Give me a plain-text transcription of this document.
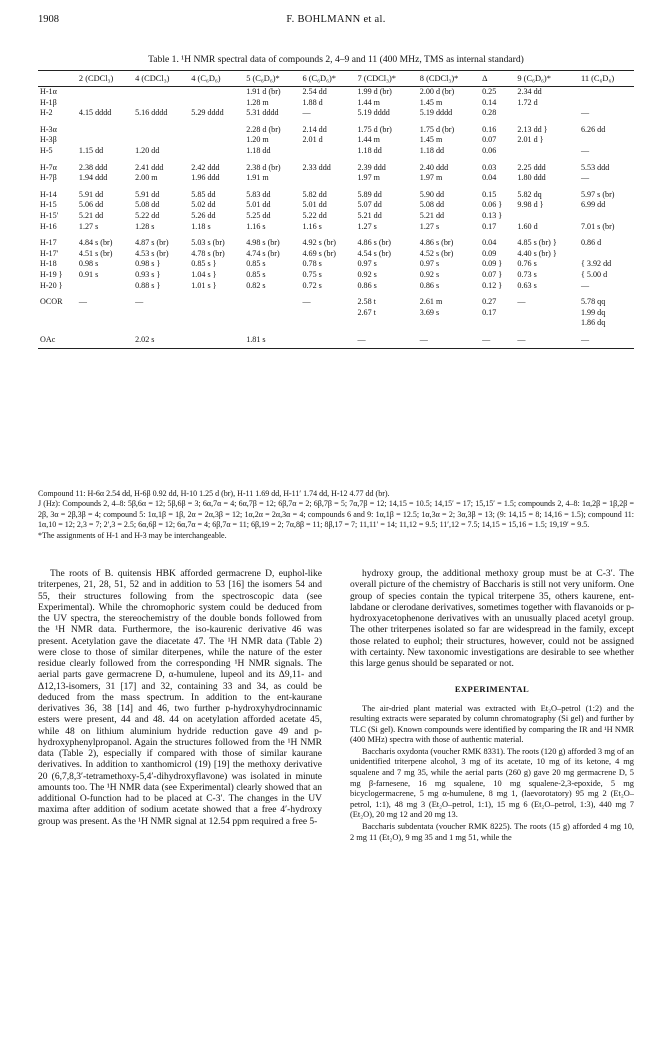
1908	F. BOHLMANN et al.
Table 1. ¹H NMR spectral data of compounds 2, 4–9 and 11 (400 MHz, TMS as internal standard)
	2 (CDCl₃)	4 (CDCl₃)	4 (C₆D₆)	5 (C₆D₆)*	6 (C₆D₆)*	7 (CDCl₃)*	8 (CDCl₃)*	Δ	9 (C₆D₆)*	11 (C₆D₆)
H-1α				1.91 d (br)	2.54 dd	1.99 d (br)	2.00 d (br)	0.25	2.34 dd	
H-1β				1.28 m	1.88 d	1.44 m	1.45 m	0.14	1.72 d	
H-2	4.15 dddd	5.16 dddd	5.29 dddd	5.31 dddd	—	5.19 dddd	5.19 dddd	0.28		—
H-3α				2.28 d (br)	2.14 dd	1.75 d (br)	1.75 d (br)	0.16	2.13 dd }	6.26 dd
H-3β				1.20 m	2.01 d	1.44 m	1.45 m	0.07	2.01 d }	
H-5	1.15 dd	1.20 dd		1.18 dd		1.18 dd	1.18 dd	0.06		—
H-7α	2.38 ddd	2.41 ddd	2.42 ddd	2.38 d (br)	2.33 ddd	2.39 ddd	2.40 ddd	0.03	2.25 ddd	5.53 ddd
H-7β	1.94 ddd	2.00 m	1.96 ddd	1.91 m		1.97 m	1.97 m	0.04	1.80 ddd	—
H-14	5.91 dd	5.91 dd	5.85 dd	5.83 dd	5.82 dd	5.89 dd	5.90 dd	0.15	5.82 dq	5.97 s (br)
H-15	5.06 dd	5.08 dd	5.02 dd	5.01 dd	5.01 dd	5.07 dd	5.08 dd	0.06 }	9.98 d }	6.99 dd
H-15′	5.21 dd	5.22 dd	5.26 dd	5.25 dd	5.22 dd	5.21 dd	5.21 dd	0.13 }		
H-16	1.27 s	1.28 s	1.18 s	1.16 s	1.16 s	1.27 s	1.27 s	0.17	1.60 d	7.01 s (br)
H-17	4.84 s (br)	4.87 s (br)	5.03 s (br)	4.98 s (br)	4.92 s (br)	4.86 s (br)	4.86 s (br)	0.04	4.85 s (br) }	0.86 d
H-17′	4.51 s (br)	4.53 s (br)	4.78 s (br)	4.74 s (br)	4.69 s (br)	4.54 s (br)	4.52 s (br)	0.09	4.40 s (br) }	
H-18	0.98 s	0.98 s }	0.85 s }	0.85 s	0.78 s	0.97 s	0.97 s	0.09 }	0.76 s	{ 3.92 dd
H-19 }	0.91 s	0.93 s }	1.04 s }	0.85 s	0.75 s	0.92 s	0.92 s	0.07 }	0.73 s	{ 5.00 d
H-20 }		0.88 s }	1.01 s }	0.82 s	0.72 s	0.86 s	0.86 s	0.12 }	0.63 s	—
OCOR	—	—			—	2.58 t	2.61 m	0.27	—	5.78 qq
						2.67 t	3.69 s	0.17		1.99 dq
										1.86 dq
OAc		2.02 s		1.81 s		—	—	—	—	—

Compound 11: H-6α 2.54 dd, H-6β 0.92 dd, H-10 1.25 d (br), H-11 1.69 dd, H-11′ 1.74 dd, H-12 4.77 dd (br).

J (Hz): Compounds 2, 4–8: 5β,6α = 12; 5β,6β = 3; 6α,7α = 4; 6α,7β = 12; 6β,7α = 2; 6β,7β = 5; 7α,7β = 12; 14,15 = 10.5; 14,15′ = 17; 15,15′ = 1.5; compounds 2, 4–8: 1α,2β = 1β,2β = 2β, 3α = 2β,3β = 4; compound 5: 1α,1β = 1β, 2α = 2α,3β = 12; 1α,2α = 2α,3α = 4; compounds 6 and 9: 1α,1β = 12.5; 1α,3α = 2; 3α,3β = 13; (9: 14,15 = 8; 14,16 = 1.5); compound 11: 1α,10 = 12; 2,3 = 7; 2′,3 = 2.5; 6α,6β = 12; 6α,7α = 4; 6β,7α = 11; 6β,19 = 2; 7α,8β = 11; 8β,17 = 7; 11,11′ = 14; 11,12 = 9.5; 11′,12 = 7.5; 14,15 = 15,16 = 1.5; 19,19′ = 9.5.

*The assignments of H-1 and H-3 may be interchangeable.

The roots of B. quitensis HBK afforded germacrene D, euphol-like triterpenes, 21, 28, 51, 52 and in addition to 53 [16] the isomers 54 and 55, their structures following from the spectroscopic data (see Experimental). While the chromophoric system could be deduced from the UV spectra, the stereochemistry of the double bonds followed from the ¹H NMR data. Furthermore, the iso-kaurenic derivative 46 was present. Acetylation gave the diacetate 47. The ¹H NMR data (Table 2) were close to those of similar diterpenes, while the nature of the ester residue clearly followed from the corresponding ¹H NMR signals. The aerial parts gave germacrene D, α-humulene, lupeol and its Δ9,11- and Δ12,13-isomers, 31 [17] and 32, containing 33 and 34, as could be deduced from the mass spectrum. In addition to the ent-kaurane derivatives 36, 38 [14] and 46, two further p-hydroxyhydrocinnamic esters were present, 44 and 48. 44 on acetylation afforded acetate 45, while 48 on lithium aluminium hydride reduction gave 49 and p-hydroxyphenylpropanol. Again the structures followed from the ¹H NMR data (Table 2), especially if compared with those of similar kaurane derivatives. In addition to xanthomicrol (19) [19] the methoxy derivative 20 (6,7,8,3′-tetramethoxy-5,4′-dihydroxyflavone) was isolated in minute amounts too. The ¹H NMR data (see Experimental) clearly showed that an additional O-function had to be placed at C-3′. The changes in the UV maxima after addition of sodium acetate showed that a free 4′-hydroxy group was present. As the ¹H NMR signal at 12.54 ppm required a free 5-

hydroxy group, the additional methoxy group must be at C-3′. The overall picture of the chemistry of Baccharis is still not very uniform. One group of species contain the typical triterpene 35, others kaurene, ent-labdane or clerodane derivatives, sometimes together with flavanoids or p-hydroxyacetophenone derivatives with an unusually placed acetyl group. The other triterpenes isolated so far are widespread in the family, except those related to euphol; their structures, however, could not be assigned with certainty. New taxonomic investigations are desirable to see whether this large genus should be separated or not.

EXPERIMENTAL

The air-dried plant material was extracted with Et₂O–petrol (1:2) and the resulting extracts were separated by column chromatography (Si gel) and further by TLC (Si gel). Known compounds were identified by comparing the IR and ¹H NMR (400 MHz) spectra with those of authentic material.

Baccharis oxydonta (voucher RMK 8331). The roots (120 g) afforded 3 mg of an unidentified triterpene alcohol, 3 mg of its acetate, 10 mg of its ketone, 4 mg squalene and 7 mg 35, while the aerial parts (260 g) gave 20 mg germacrene D, 5 mg β-farnesene, 16 mg squalene, 10 mg squalene-2,3-epoxide, 5 mg bicyclogermacrene, 5 mg α-humulene, 8 mg 1, (laevorotatory) 95 mg 2 (Et₂O–petrol, 1:1), 48 mg 3 (Et₂O–petrol, 1:1), 15 mg 6 (Et₂O–petrol, 1:3), 440 mg 7 (Et₂O), 20 mg 12 and 20 mg 13.

Baccharis subdentata (voucher RMK 8225). The roots (15 g) afforded 4 mg 10, 2 mg 11 (Et₂O), 9 mg 35 and 1 mg 51, while the
